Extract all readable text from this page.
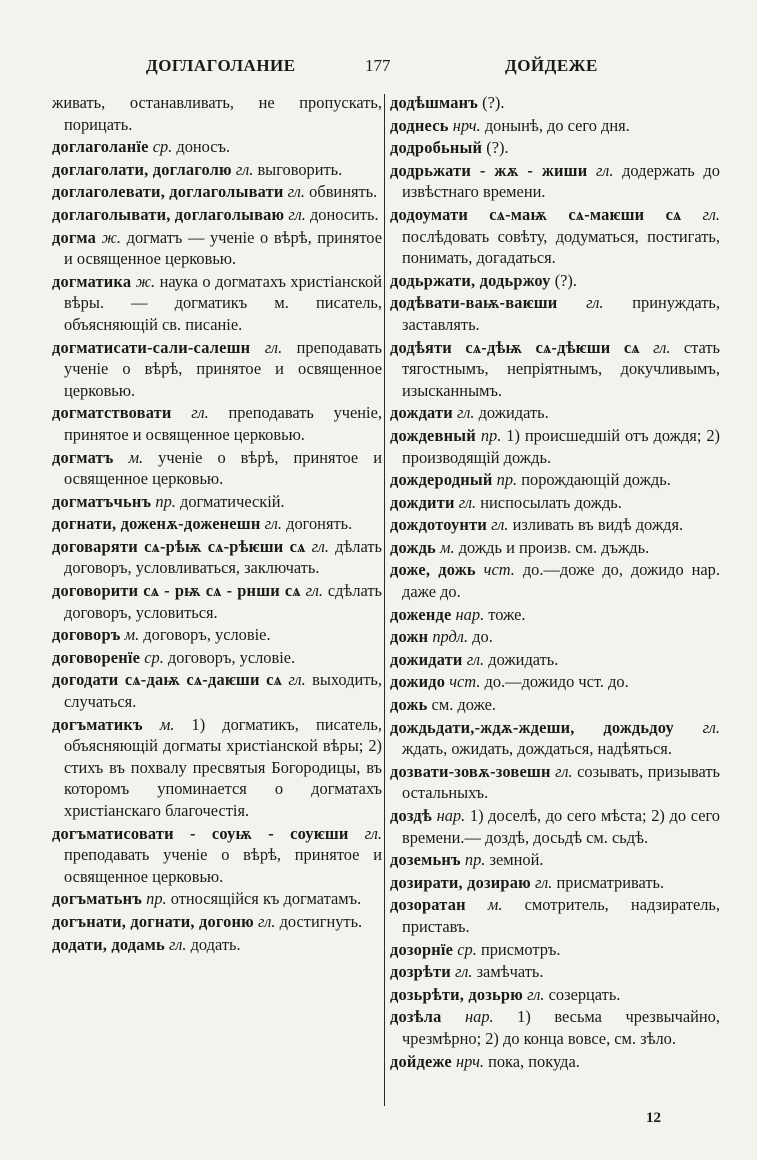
ДОГЛАГОЛАНИЕ	177	ДОЙДЕЖЕ

живать, останавливать, не пропускать, порицать.

доглаголанїе ср. доносъ.

доглаголати, доглаголю гл. выговорить.

доглаголевати, доглаголывати гл. обвинять.

доглаголывати, доглаголываю гл. доносить.

догма ж. догматъ — ученіе о вѣрѣ, принятое и освященное церковью.

догматика ж. наука о догматахъ христіанской вѣры. — догматикъ м. писатель, объясняющій св. писаніе.

догматисати-сали-салешн гл. преподавать ученіе о вѣрѣ, принятое и освященное церковью.

догматствовати гл. преподавать ученіе, принятое и освященное церковью.

догматъ м. ученіе о вѣрѣ, принятое и освященное церковью.

догматъчьнъ пр. догматическій.

догнати, доженѫ-доженешн гл. догонять.

договаряти сѧ-рѣѭ сѧ-рѣѥши сѧ гл. дѣлать договоръ, условливаться, заключать.

договорити сѧ - рѭ сѧ - рнши сѧ гл. сдѣлать договоръ, условиться.

договоръ м. договоръ, условіе.

договоренїе ср. договоръ, условіе.

догодати сѧ-даѭ сѧ-даѥши сѧ гл. выходить, случаться.

догъматикъ м. 1) догматикъ, писатель, объясняющій догматы христіанской вѣры; 2) стихъ въ похвалу пресвятыя Богородицы, въ которомъ упоминается о догматахъ христіанскаго благочестія.

догъматисовати - соуѭ - соуѥши гл. преподавать ученіе о вѣрѣ, принятое и освященное церковью.

догъматьнъ пр. относящійся къ догматамъ.

догънати, догнати, догоню гл. достигнуть.

додати, додамь гл. додать.

додѣшманъ (?).

доднесь нрч. донынѣ, до сего дня.

додробьный (?).

додрьжати - жѫ - жиши гл. додержать до извѣстнаго времени.

додоумати сѧ-маѭ сѧ-маѥши сѧ гл. послѣдовать совѣту, додуматься, постигать, понимать, догадаться.

додьржати, додьржоу (?).

додѣвати-ваѭ-ваѥши гл. принуждать, заставлять.

додѣяти сѧ-дѣѭ сѧ-дѣѥши сѧ гл. стать тягостнымъ, непріятнымъ, докучливымъ, изысканнымъ.

дождати гл. дожидать.

дождевный пр. 1) происшедшій отъ дождя; 2) производящій дождь.

дождеродный пр. порождающій дождь.

дождити гл. ниспосылать дождь.

дождотоунти гл. изливать въ видѣ дождя.

дождь м. дождь и произв. см. дъждь.

доже, дожь чст. до.—доже до, дожидо нар. даже до.

доженде нар. тоже.

дожн прдл. до.

дожидати гл. дожидать.

дожидо чст. до.—дожидо чст. до.

дожь см. доже.

дождьдати,-ждѫ-ждеши, дождьдоу гл. ждать, ожидать, дождаться, надѣяться.

дозвати-зовѫ-зовешн гл. созывать, призывать остальныхъ.

доздѣ нар. 1) доселѣ, до сего мѣста; 2) до сего времени.— доздѣ, досьдѣ см. сьдѣ.

доземьнъ пр. земной.

дозирати, дозираю гл. присматривать.

дозоратан м. смотритель, надзиратель, приставъ.

дозорнїе ср. присмотръ.

дозрѣти гл. замѣчать.

дозьрѣти, дозьрю гл. созерцать.

дозѣла нар. 1) весьма чрезвычайно, чрезмѣрно; 2) до конца вовсе, см. зѣло.

дойдеже нрч. пока, покуда.

12
